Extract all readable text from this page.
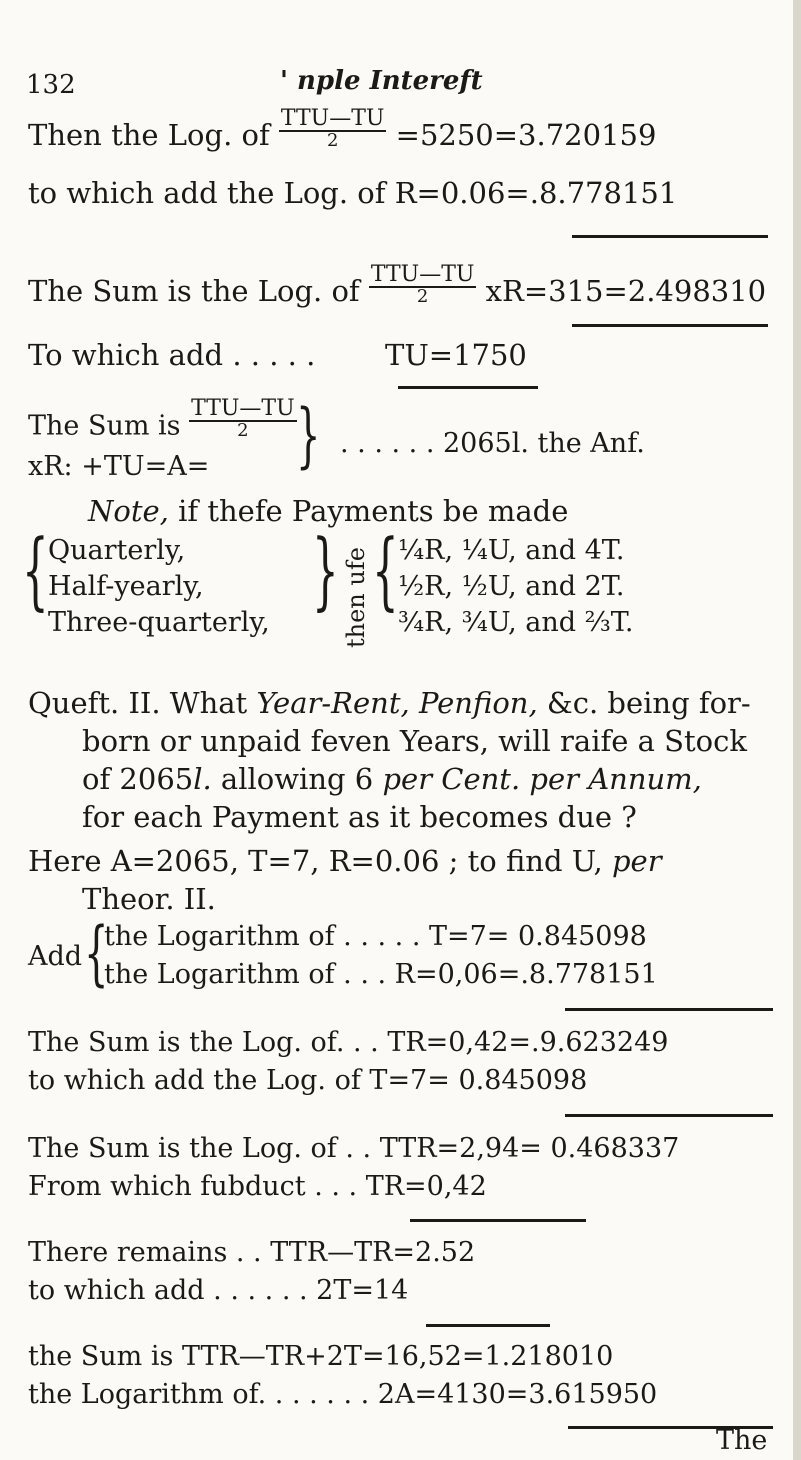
132	' nple Intereft
Then the Log. of $\frac{\text{TTU—TU}}{2} =5250=3.720159$
to which add the Log. of R=0.06=.8.778151
The Sum is the Log. of $\frac{\text{TTU—TU}}{2} xR=315=2.498310$
To which add . . . . . TU=1750
The Sum is $\frac{\text{TTU—TU}}{2}$
xR: +TU=A= } . . . . . . 2065l. the Anf.
Note, if thefe Payments be made
{ Quarterly,
Half-yearly,
Three-quarterly,
} then ufe { ¼R, ¼U, and 4T.
½R, ½U, and 2T.
¾R, ¾U, and ⅔T.
Queft. II. What Year-Rent, Penfion, &c. being for-
born or unpaid feven Years, will raife a Stock
of 2065l. allowing 6 per Cent. per Annum,
for each Payment as it becomes due ?
Here A=2065, T=7, R=0.06 ; to find U, per
Theor. II.
Add {
the Logarithm of . . . . . T=7= 0.845098
the Logarithm of . . . R=0,06=.8.778151
The Sum is the Log. of. . . TR=0,42=.9.623249
to which add the Log. of T=7= 0.845098
The Sum is the Log. of . . TTR=2,94= 0.468337
From which fubduct . . . TR=0,42
There remains . . TTR—TR=2.52
to which add . . . . . . 2T=14
the Sum is TTR—TR+2T=16,52=1.218010
the Logarithm of. . . . . . . 2A=4130=3.615950
The
